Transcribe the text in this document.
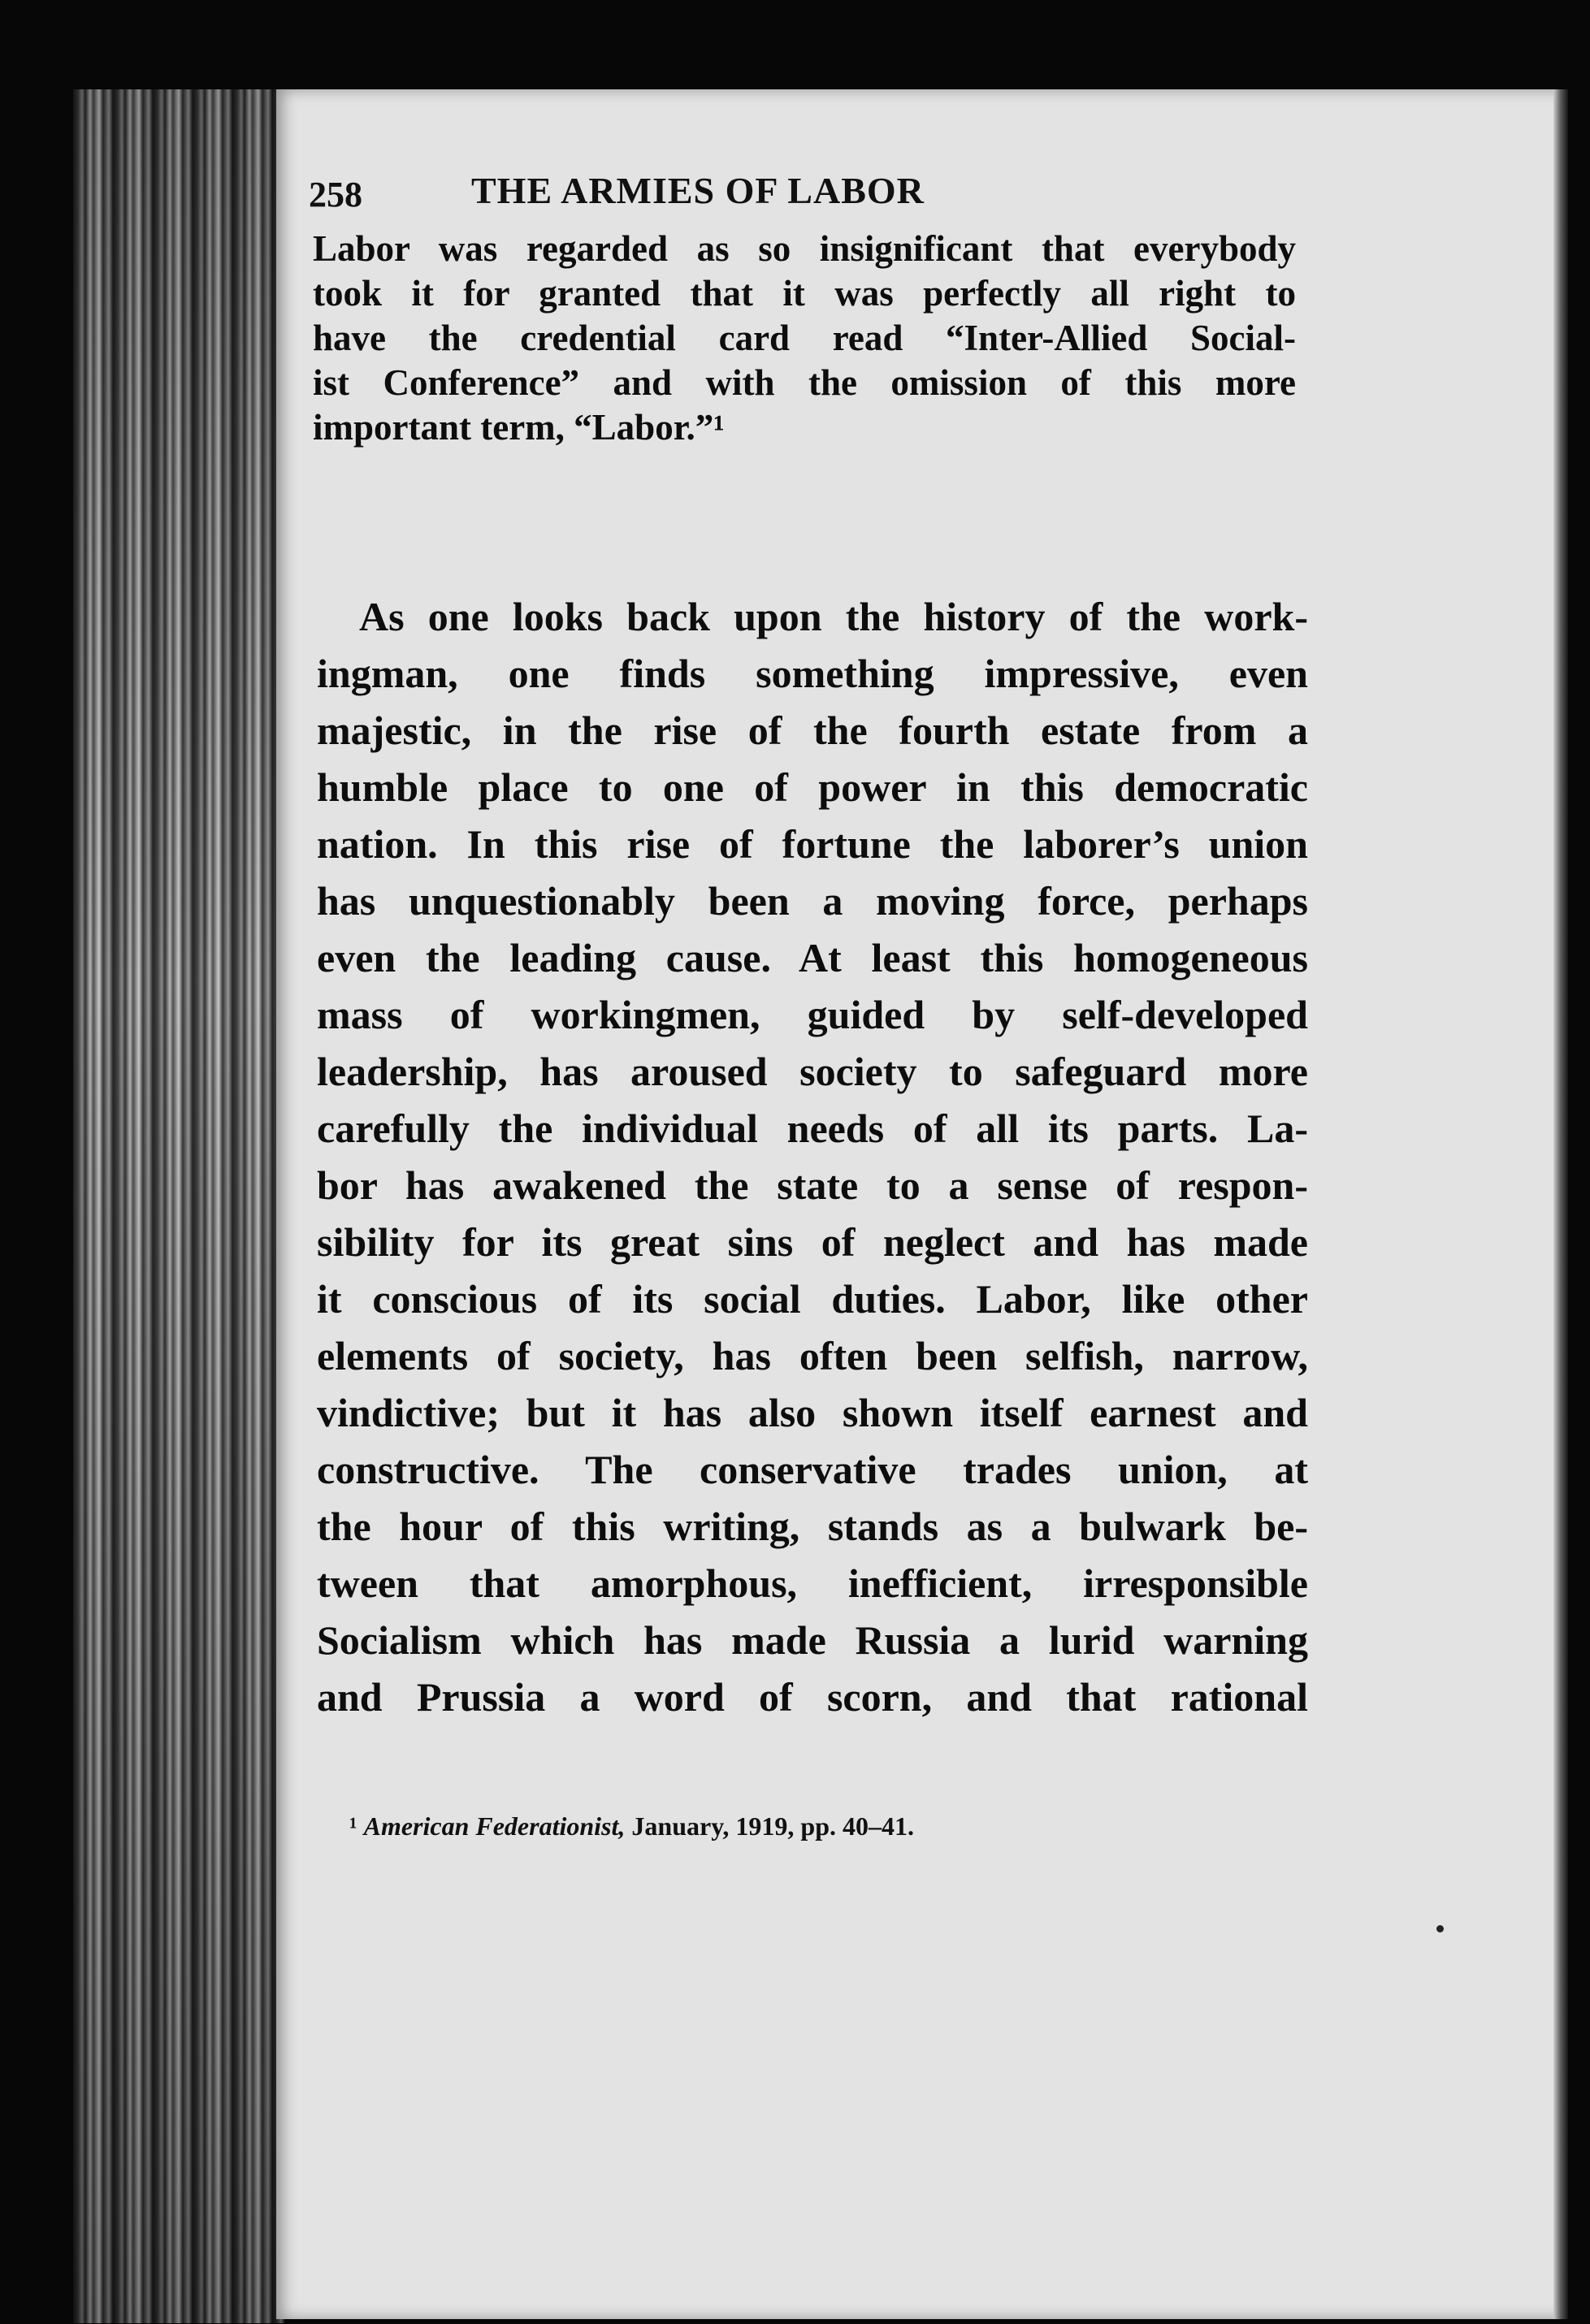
258	THE ARMIES OF LABOR
Labor was regarded as so insignificant that everybody
took it for granted that it was perfectly all right to
have the credential card read “Inter-Allied Social-
ist Conference” and with the omission of this more
important term, “Labor.”¹
As one looks back upon the history of the work-
ingman, one finds something impressive, even
majestic, in the rise of the fourth estate from a
humble place to one of power in this democratic
nation. In this rise of fortune the laborer’s union
has unquestionably been a moving force, perhaps
even the leading cause. At least this homogeneous
mass of workingmen, guided by self-developed
leadership, has aroused society to safeguard more
carefully the individual needs of all its parts. La-
bor has awakened the state to a sense of respon-
sibility for its great sins of neglect and has made
it conscious of its social duties. Labor, like other
elements of society, has often been selfish, narrow,
vindictive; but it has also shown itself earnest and
constructive. The conservative trades union, at
the hour of this writing, stands as a bulwark be-
tween that amorphous, inefficient, irresponsible
Socialism which has made Russia a lurid warning
and Prussia a word of scorn, and that rational
¹ American Federationist, January, 1919, pp. 40–41.
